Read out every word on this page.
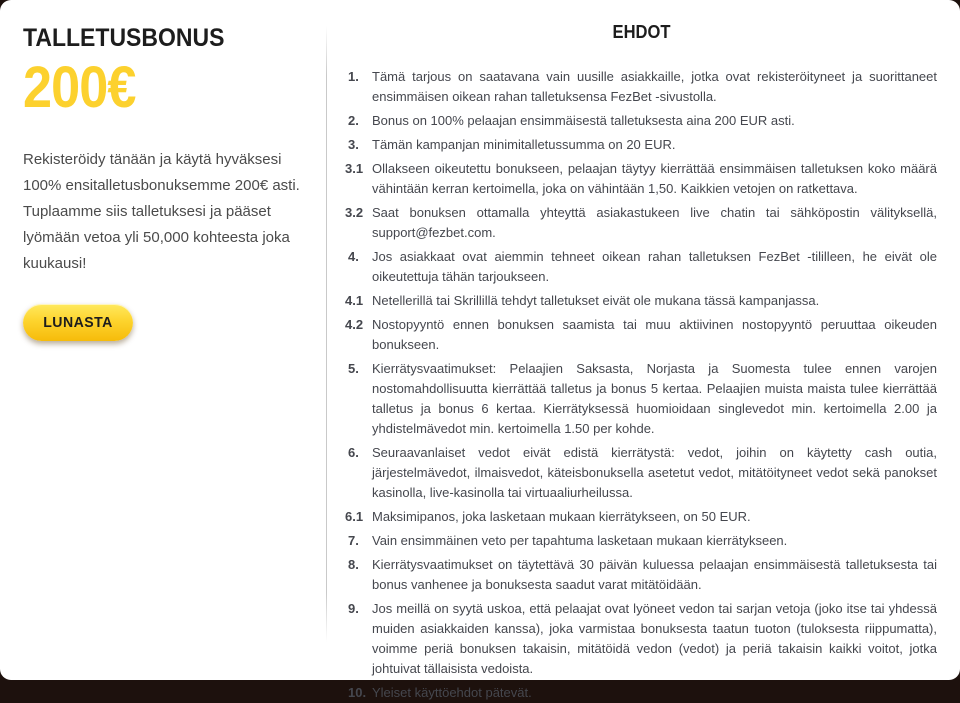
TALLETUSBONUS
200€
Rekisteröidy tänään ja käytä hyväksesi 100% ensitalletusbonuksemme 200€ asti. Tuplaamme siis talletuksesi ja pääset lyömään vetoa yli 50,000 kohteesta joka kuukausi!
LUNASTA
EHDOT
1. Tämä tarjous on saatavana vain uusille asiakkaille, jotka ovat rekisteröityneet ja suorittaneet ensimmäisen oikean rahan talletuksensa FezBet -sivustolla.
2. Bonus on 100% pelaajan ensimmäisestä talletuksesta aina 200 EUR asti.
3. Tämän kampanjan minimitalletussumma on 20 EUR.
3.1 Ollakseen oikeutettu bonukseen, pelaajan täytyy kierrättää ensimmäisen talletuksen koko määrä vähintään kerran kertoimella, joka on vähintään 1,50. Kaikkien vetojen on ratkettava.
3.2 Saat bonuksen ottamalla yhteyttä asiakastukeen live chatin tai sähköpostin välityksellä, support@fezbet.com.
4. Jos asiakkaat ovat aiemmin tehneet oikean rahan talletuksen FezBet -tililleen, he eivät ole oikeutettuja tähän tarjoukseen.
4.1 Netellerillä tai Skrillillä tehdyt talletukset eivät ole mukana tässä kampanjassa.
4.2 Nostopyyntö ennen bonuksen saamista tai muu aktiivinen nostopyyntö peruuttaa oikeuden bonukseen.
5. Kierrätysvaatimukset: Pelaajien Saksasta, Norjasta ja Suomesta tulee ennen varojen nostomahdollisuutta kierrättää talletus ja bonus 5 kertaa. Pelaajien muista maista tulee kierrättää talletus ja bonus 6 kertaa. Kierrätyksessä huomioidaan singlevedot min. kertoimella 2.00 ja yhdistelmävedot min. kertoimella 1.50 per kohde.
6. Seuraavanlaiset vedot eivät edistä kierrätystä: vedot, joihin on käytetty cash outia, järjestelmävedot, ilmaisvedot, käteisbonuksella asetetut vedot, mitätöityneet vedot sekä panokset kasinolla, live-kasinolla tai virtuaaliurheilussa.
6.1 Maksimipanos, joka lasketaan mukaan kierrätykseen, on 50 EUR.
7. Vain ensimmäinen veto per tapahtuma lasketaan mukaan kierrätykseen.
8. Kierrätysvaatimukset on täytettävä 30 päivän kuluessa pelaajan ensimmäisestä talletuksesta tai bonus vanhenee ja bonuksesta saadut varat mitätöidään.
9. Jos meillä on syytä uskoa, että pelaajat ovat lyöneet vedon tai sarjan vetoja (joko itse tai yhdessä muiden asiakkaiden kanssa), joka varmistaa bonuksesta taatun tuoton (tuloksesta riippumatta), voimme periä bonuksen takaisin, mitätöidä vedon (vedot) ja periä takaisin kaikki voitot, jotka johtuivat tällaisista vedoista.
10. Yleiset käyttöehdot pätevät.
